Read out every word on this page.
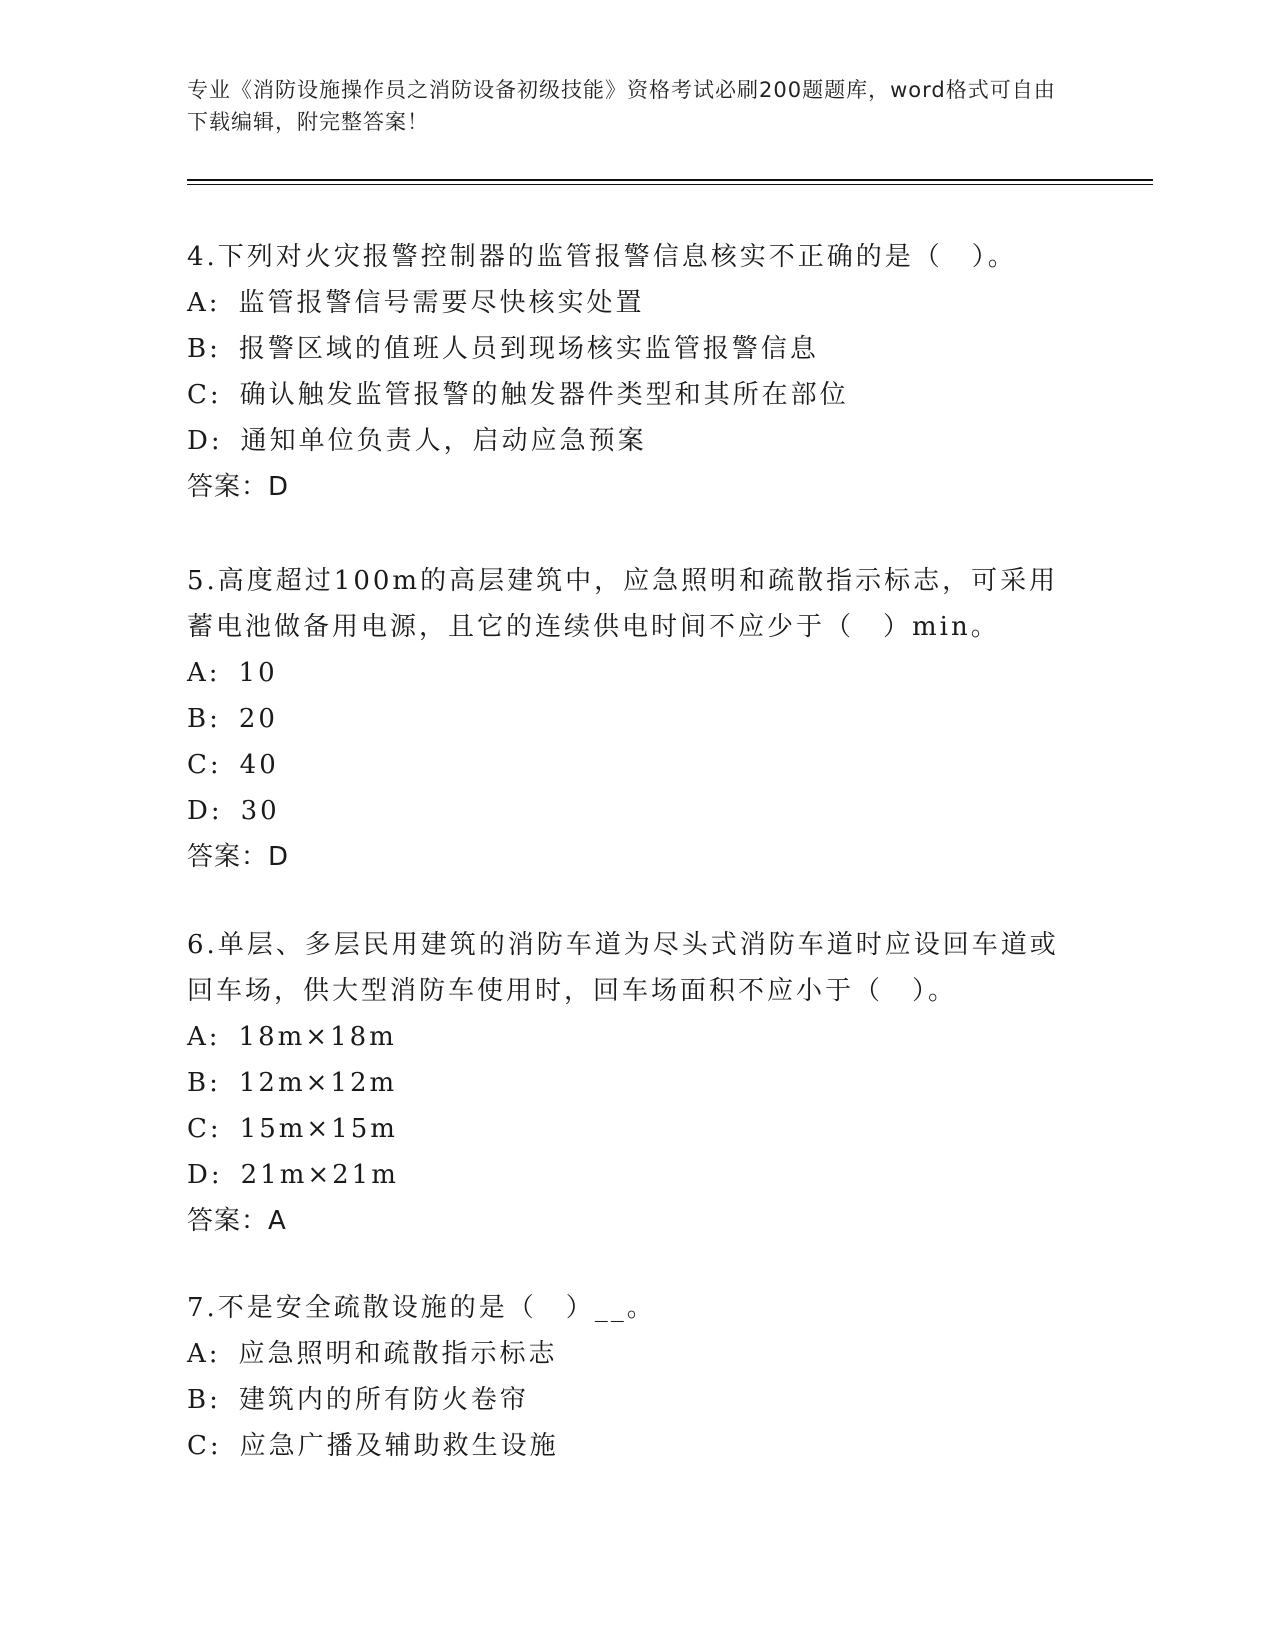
专业《消防设施操作员之消防设备初级技能》资格考试必刷200题题库，word格式可自由下载编辑，附完整答案！

4.下列对火灾报警控制器的监管报警信息核实不正确的是（　）。

A: 监管报警信号需要尽快核实处置

B: 报警区域的值班人员到现场核实监管报警信息

C: 确认触发监管报警的触发器件类型和其所在部位

D: 通知单位负责人，启动应急预案

答案：D

5.高度超过100m的高层建筑中，应急照明和疏散指示标志，可采用蓄电池做备用电源，且它的连续供电时间不应少于（　）min。

A: 10

B: 20

C: 40

D: 30

答案：D

6.单层、多层民用建筑的消防车道为尽头式消防车道时应设回车道或回车场，供大型消防车使用时，回车场面积不应小于（　）。

A: 18m×18m

B: 12m×12m

C: 15m×15m

D: 21m×21m

答案：A

7.不是安全疏散设施的是（　）__。

A: 应急照明和疏散指示标志

B: 建筑内的所有防火卷帘

C: 应急广播及辅助救生设施
